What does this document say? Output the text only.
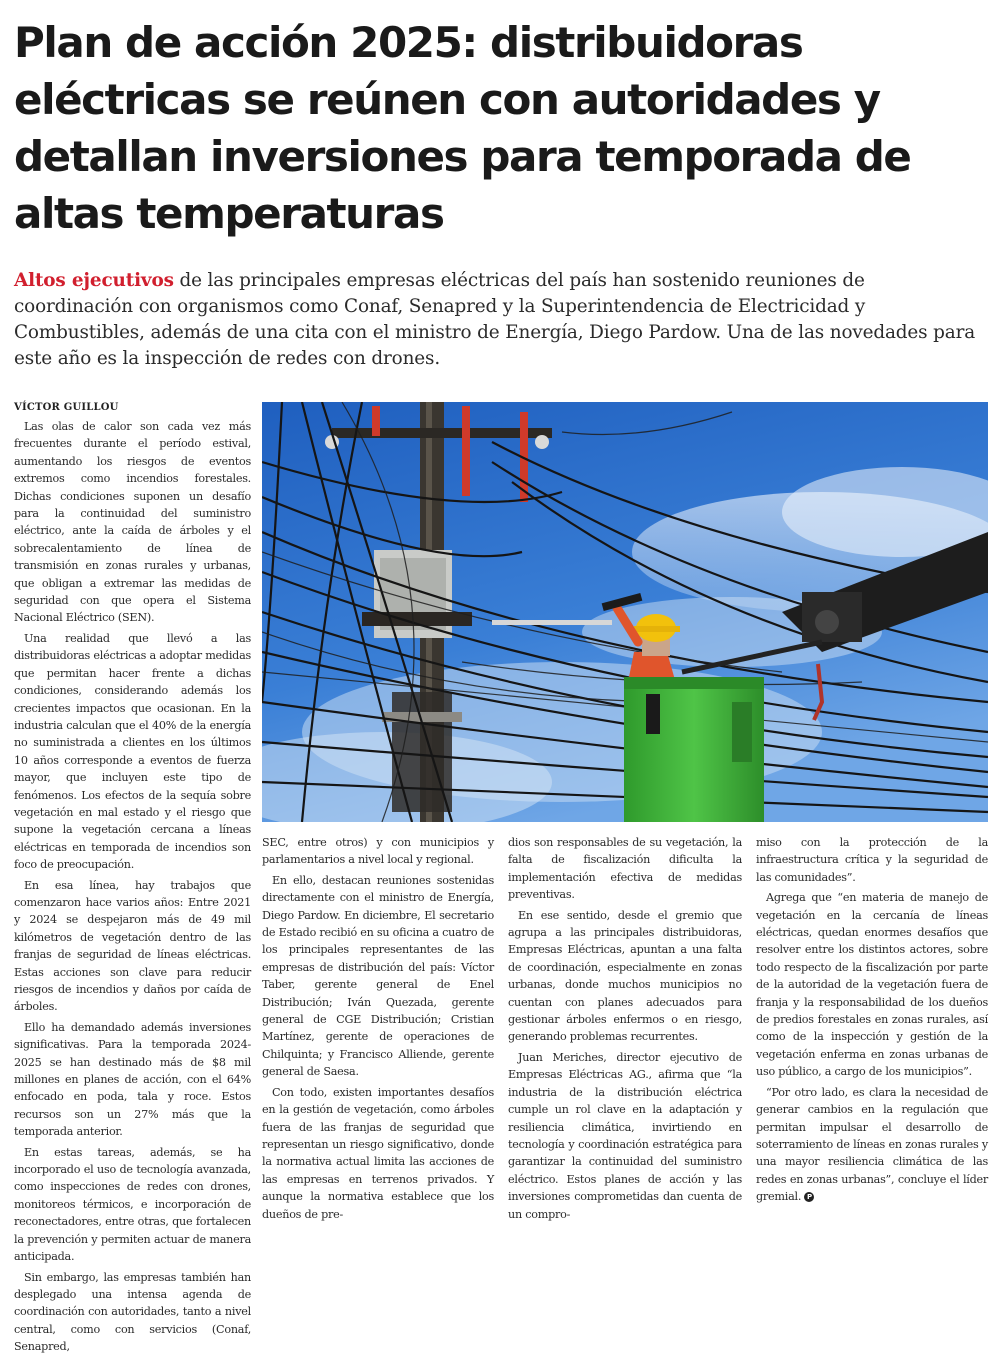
Plan de acción 2025: distribuidoras eléctricas se reúnen con autoridades y detallan inversiones para temporada de altas temperaturas

Altos ejecutivos de las principales empresas eléctricas del país han sostenido reuniones de coordinación con organismos como Conaf, Senapred y la Superintendencia de Electricidad y Combustibles, además de una cita con el ministro de Energía, Diego Pardow. Una de las novedades para este año es la inspección de redes con drones.

VÍCTOR GUILLOU

Las olas de calor son cada vez más frecuentes durante el período estival, aumentando los riesgos de eventos extremos como incendios forestales. Dichas condiciones suponen un desafío para la continuidad del suministro eléctrico, ante la caída de árboles y el sobrecalentamiento de línea de transmisión en zonas rurales y urbanas, que obligan a extremar las medidas de seguridad con que opera el Sistema Nacional Eléctrico (SEN).

Una realidad que llevó a las distribuidoras eléctricas a adoptar medidas que permitan hacer frente a dichas condiciones, considerando además los crecientes impactos que ocasionan. En la industria calculan que el 40% de la energía no suministrada a clientes en los últimos 10 años corresponde a eventos de fuerza mayor, que incluyen este tipo de fenómenos. Los efectos de la sequía sobre vegetación en mal estado y el riesgo que supone la vegetación cercana a líneas eléctricas en temporada de incendios son foco de preocupación.

En esa línea, hay trabajos que comenzaron hace varios años: Entre 2021 y 2024 se despejaron más de 49 mil kilómetros de vegetación dentro de las franjas de seguridad de líneas eléctricas. Estas acciones son clave para reducir riesgos de incendios y daños por caída de árboles.

Ello ha demandado además inversiones significativas. Para la temporada 2024- 2025 se han destinado más de $8 mil millones en planes de acción, con el 64% enfocado en poda, tala y roce. Estos recursos son un 27% más que la temporada anterior.

En estas tareas, además, se ha incorporado el uso de tecnología avanzada, como inspecciones de redes con drones, monitoreos térmicos, e incorporación de reconectadores, entre otras, que fortalecen la prevención y permiten actuar de manera anticipada.

Sin embargo, las empresas también han desplegado una intensa agenda de coordinación con autoridades, tanto a nivel central, como con servicios (Conaf, Senapred,

SEC, entre otros) y con municipios y parlamentarios a nivel local y regional.

En ello, destacan reuniones sostenidas directamente con el ministro de Energía, Diego Pardow. En diciembre, El secretario de Estado recibió en su oficina a cuatro de los principales representantes de las empresas de distribución del país: Víctor Taber, gerente general de Enel Distribución; Iván Quezada, gerente general de CGE Distribución; Cristian Martínez, gerente de operaciones de Chilquinta; y Francisco Alliende, gerente general de Saesa.

Con todo, existen importantes desafíos en la gestión de vegetación, como árboles fuera de las franjas de seguridad que representan un riesgo significativo, donde la normativa actual limita las acciones de las empresas en terrenos privados. Y aunque la normativa establece que los dueños de pre-

dios son responsables de su vegetación, la falta de fiscalización dificulta la implementación efectiva de medidas preventivas.

En ese sentido, desde el gremio que agrupa a las principales distribuidoras, Empresas Eléctricas, apuntan a una falta de coordinación, especialmente en zonas urbanas, donde muchos municipios no cuentan con planes adecuados para gestionar árboles enfermos o en riesgo, generando problemas recurrentes.

Juan Meriches, director ejecutivo de Empresas Eléctricas AG., afirma que “la industria de la distribución eléctrica cumple un rol clave en la adaptación y resiliencia climática, invirtiendo en tecnología y coordinación estratégica para garantizar la continuidad del suministro eléctrico. Estos planes de acción y las inversiones comprometidas dan cuenta de un compro-

miso con la protección de la infraestructura crítica y la seguridad de las comunidades”.

Agrega que “en materia de manejo de vegetación en la cercanía de líneas eléctricas, quedan enormes desafíos que resolver entre los distintos actores, sobre todo respecto de la fiscalización por parte de la autoridad de la vegetación fuera de franja y la responsabilidad de los dueños de predios forestales en zonas rurales, así como de la inspección y gestión de la vegetación enferma en zonas urbanas de uso público, a cargo de los municipios”.

“Por otro lado, es clara la necesidad de generar cambios en la regulación que permitan impulsar el desarrollo de soterramiento de líneas en zonas rurales y una mayor resiliencia climática de las redes en zonas urbanas”, concluye el líder gremial. P
